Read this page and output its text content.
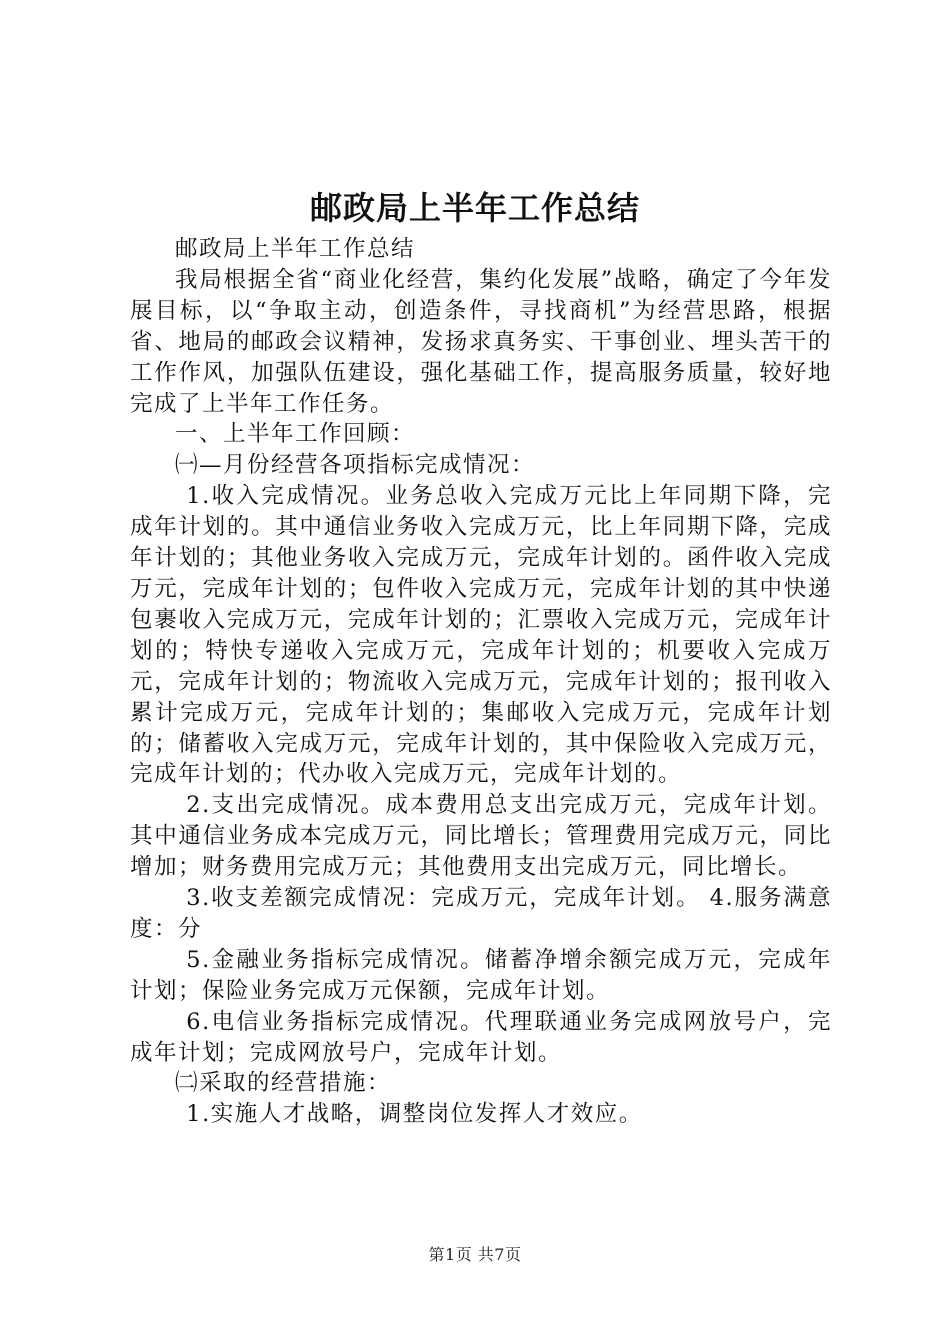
邮政局上半年工作总结

邮政局上半年工作总结

我局根据全省“商业化经营，集约化发展”战略，确定了今年发展目标，以“争取主动，创造条件，寻找商机”为经营思路，根据省、地局的邮政会议精神，发扬求真务实、干事创业、埋头苦干的工作作风，加强队伍建设，强化基础工作，提高服务质量，较好地完成了上半年工作任务。

一、上半年工作回顾：

㈠—月份经营各项指标完成情况：

1.收入完成情况。业务总收入完成万元比上年同期下降，完成年计划的。其中通信业务收入完成万元，比上年同期下降，完成年计划的；其他业务收入完成万元，完成年计划的。函件收入完成万元，完成年计划的；包件收入完成万元，完成年计划的其中快递包裹收入完成万元，完成年计划的；汇票收入完成万元，完成年计划的；特快专递收入完成万元，完成年计划的；机要收入完成万元，完成年计划的；物流收入完成万元，完成年计划的；报刊收入累计完成万元，完成年计划的；集邮收入完成万元，完成年计划的；储蓄收入完成万元，完成年计划的，其中保险收入完成万元，完成年计划的；代办收入完成万元，完成年计划的。

2.支出完成情况。成本费用总支出完成万元，完成年计划。其中通信业务成本完成万元，同比增长；管理费用完成万元，同比增加；财务费用完成万元；其他费用支出完成万元，同比增长。

3.收支差额完成情况：完成万元，完成年计划。 4.服务满意度：分

5.金融业务指标完成情况。储蓄净增余额完成万元，完成年计划；保险业务完成万元保额，完成年计划。

6.电信业务指标完成情况。代理联通业务完成网放号户，完成年计划；完成网放号户，完成年计划。

㈡采取的经营措施：

1.实施人才战略，调整岗位发挥人才效应。

第1页 共7页
